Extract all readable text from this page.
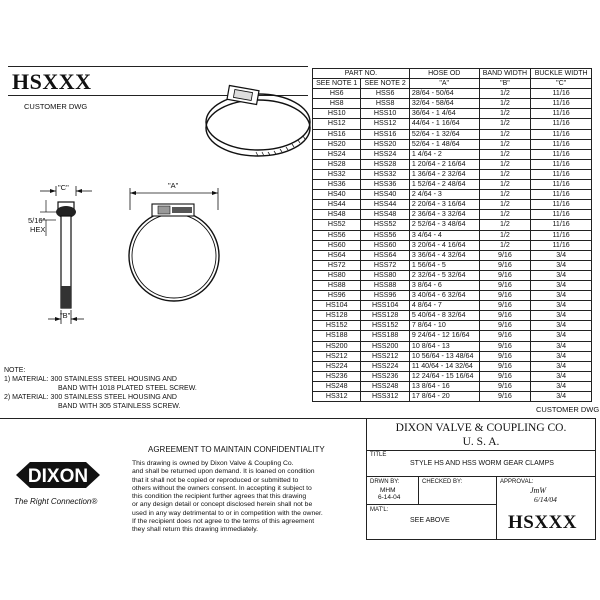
HSXXX
CUSTOMER DWG
"C"	"A"
"B"
5/16"
HEX
PART NO.		HOSE OD	BAND WIDTH	BUCKLE WIDTH
SEE NOTE 1	SEE NOTE 2	"A"	"B"	"C"
HS6	HSS6	28/64 - 50/64	1/2	11/16
HS8	HSS8	32/64 - 58/64	1/2	11/16
HS10	HSS10	36/64 - 1 4/64	1/2	11/16
HS12	HSS12	44/64 - 1 16/64	1/2	11/16
HS16	HSS16	52/64 - 1 32/64	1/2	11/16
HS20	HSS20	52/64 - 1 48/64	1/2	11/16
HS24	HSS24	1 4/64 - 2	1/2	11/16
HS28	HSS28	1 20/64 - 2 16/64	1/2	11/16
HS32	HSS32	1 36/64 - 2 32/64	1/2	11/16
HS36	HSS36	1 52/64 - 2 48/64	1/2	11/16
HS40	HSS40	2 4/64 - 3	1/2	11/16
HS44	HSS44	2 20/64 - 3 16/64	1/2	11/16
HS48	HSS48	2 36/64 - 3 32/64	1/2	11/16
HS52	HSS52	2 52/64 - 3 48/64	1/2	11/16
HS56	HSS56	3 4/64 - 4	1/2	11/16
HS60	HSS60	3 20/64 - 4 16/64	1/2	11/16
HS64	HSS64	3 36/64 - 4 32/64	9/16	3/4
HS72	HSS72	1 56/64 - 5	9/16	3/4
HS80	HSS80	2 32/64 - 5 32/64	9/16	3/4
HS88	HSS88	3 8/64 - 6	9/16	3/4
HS96	HSS96	3 40/64 - 6 32/64	9/16	3/4
HS104	HSS104	4 8/64 - 7	9/16	3/4
HS128	HSS128	5 40/64 - 8 32/64	9/16	3/4
HS152	HSS152	7 8/64 - 10	9/16	3/4
HS188	HSS188	9 24/64 - 12 16/64	9/16	3/4
HS200	HSS200	10 8/64 - 13	9/16	3/4
HS212	HSS212	10 56/64 - 13 48/64	9/16	3/4
HS224	HSS224	11 40/64 - 14 32/64	9/16	3/4
HS236	HSS236	12 24/64 - 15 16/64	9/16	3/4
HS248	HSS248	13 8/64 - 16	9/16	3/4
HS312	HSS312	17 8/64 - 20	9/16	3/4
CUSTOMER DWG
NOTE:
1) MATERIAL: 300 STAINLESS STEEL HOUSING AND
BAND WITH 1018 PLATED STEEL SCREW.
2) MATERIAL: 300 STAINLESS STEEL HOUSING AND
BAND WITH 305 STAINLESS SCREW.
DIXON
The Right Connection®
AGREEMENT TO MAINTAIN CONFIDENTIALITY
This drawing is owned by Dixon Valve & Coupling Co.
and shall be returned upon demand. It is loaned on condition
that it shall not be copied or reproduced or submitted to
others without the owners consent. In accepting it subject to
this condition the recipient further agrees that this drawing
or any design detail or concept disclosed herein shall not be
used in any way detrimental to or in competition with the owner.
If the recipient does not agree to the terms of this agreement
they shall return this drawing immediately.
DIXON VALVE & COUPLING CO.
U. S. A.
TITLE
STYLE HS AND HSS WORM GEAR CLAMPS
DRWN BY:
MHM
6-14-04
CHECKED BY:	APPROVAL:
JmW
6/14/04
MAT'L:
SEE ABOVE	HSXXX
